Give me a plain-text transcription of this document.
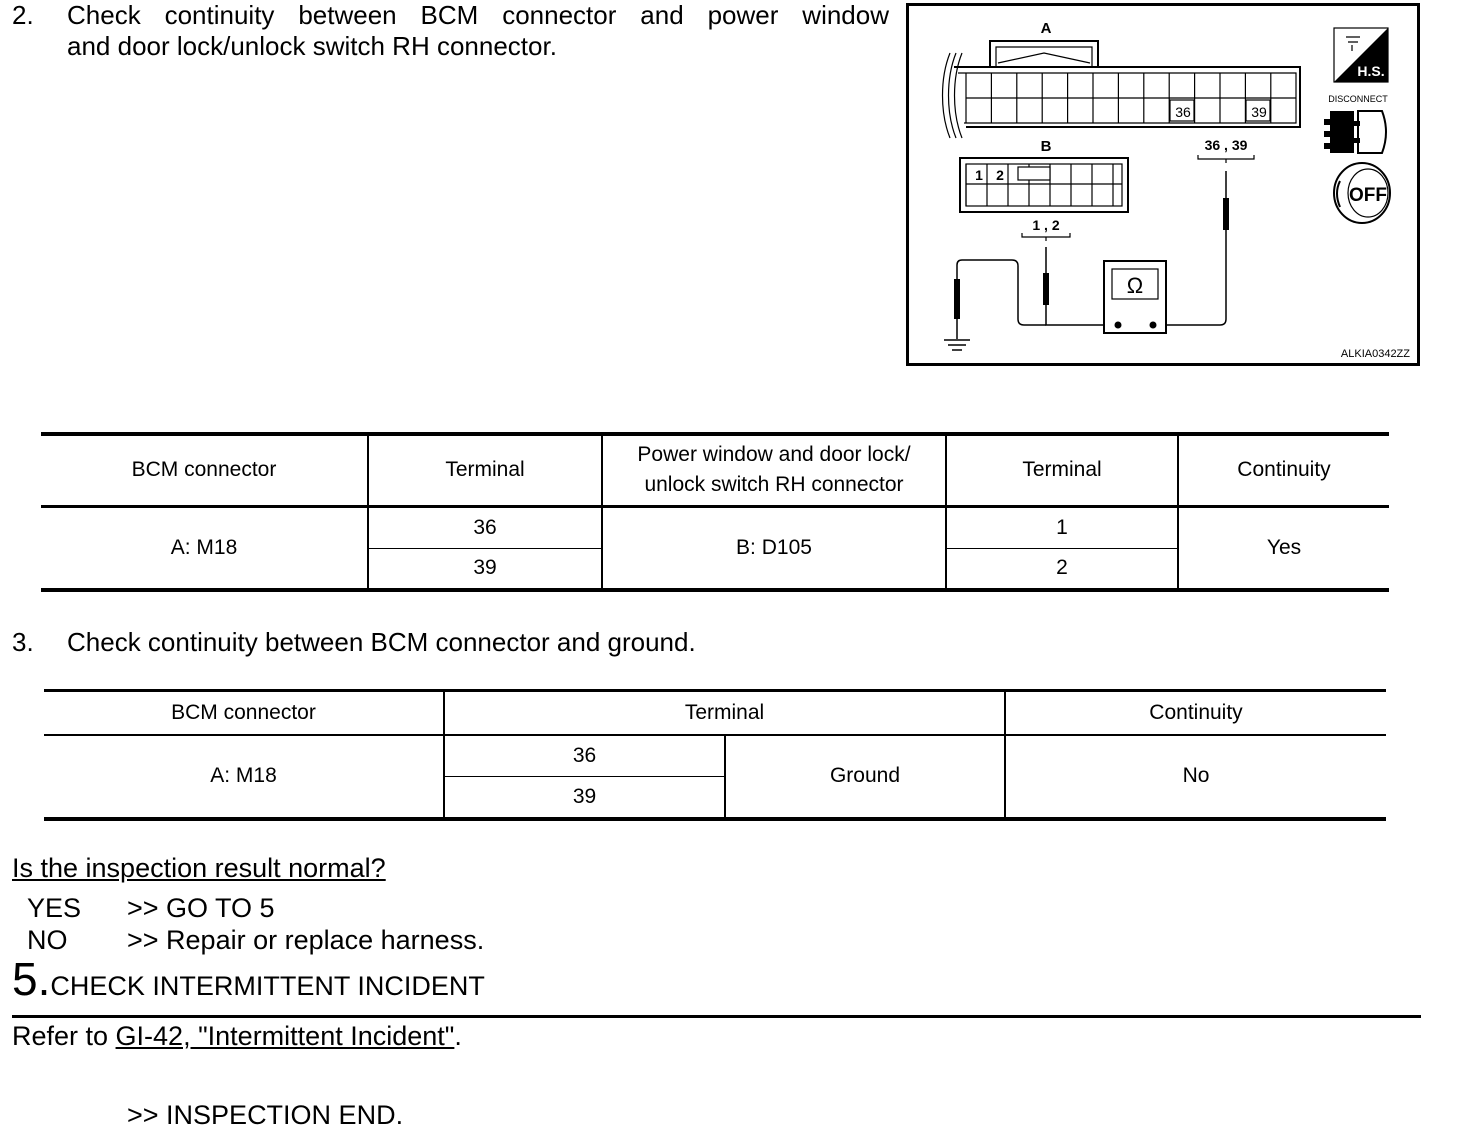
2. Check continuity between BCM connector and power window
and door lock/unlock switch RH connector.
A
36	39
36 , 39
B
1 2
1 , 2
Ω
H.S.
DISCONNECT
OFF
ALKIA0342ZZ
BCM connector	Terminal	Power window and door lock/
unlock switch RH connector	Terminal	Continuity
A: M18	36	B: D105	1	Yes
	39		2	
3. Check continuity between BCM connector and ground.
BCM connector	Terminal		Continuity
A: M18	36	Ground	No
	39		
Is the inspection result normal?
YES >> GO TO 5
NO >> Repair or replace harness.
5.CHECK INTERMITTENT INCIDENT
Refer to GI-42, "Intermittent Incident".
>> INSPECTION END.
